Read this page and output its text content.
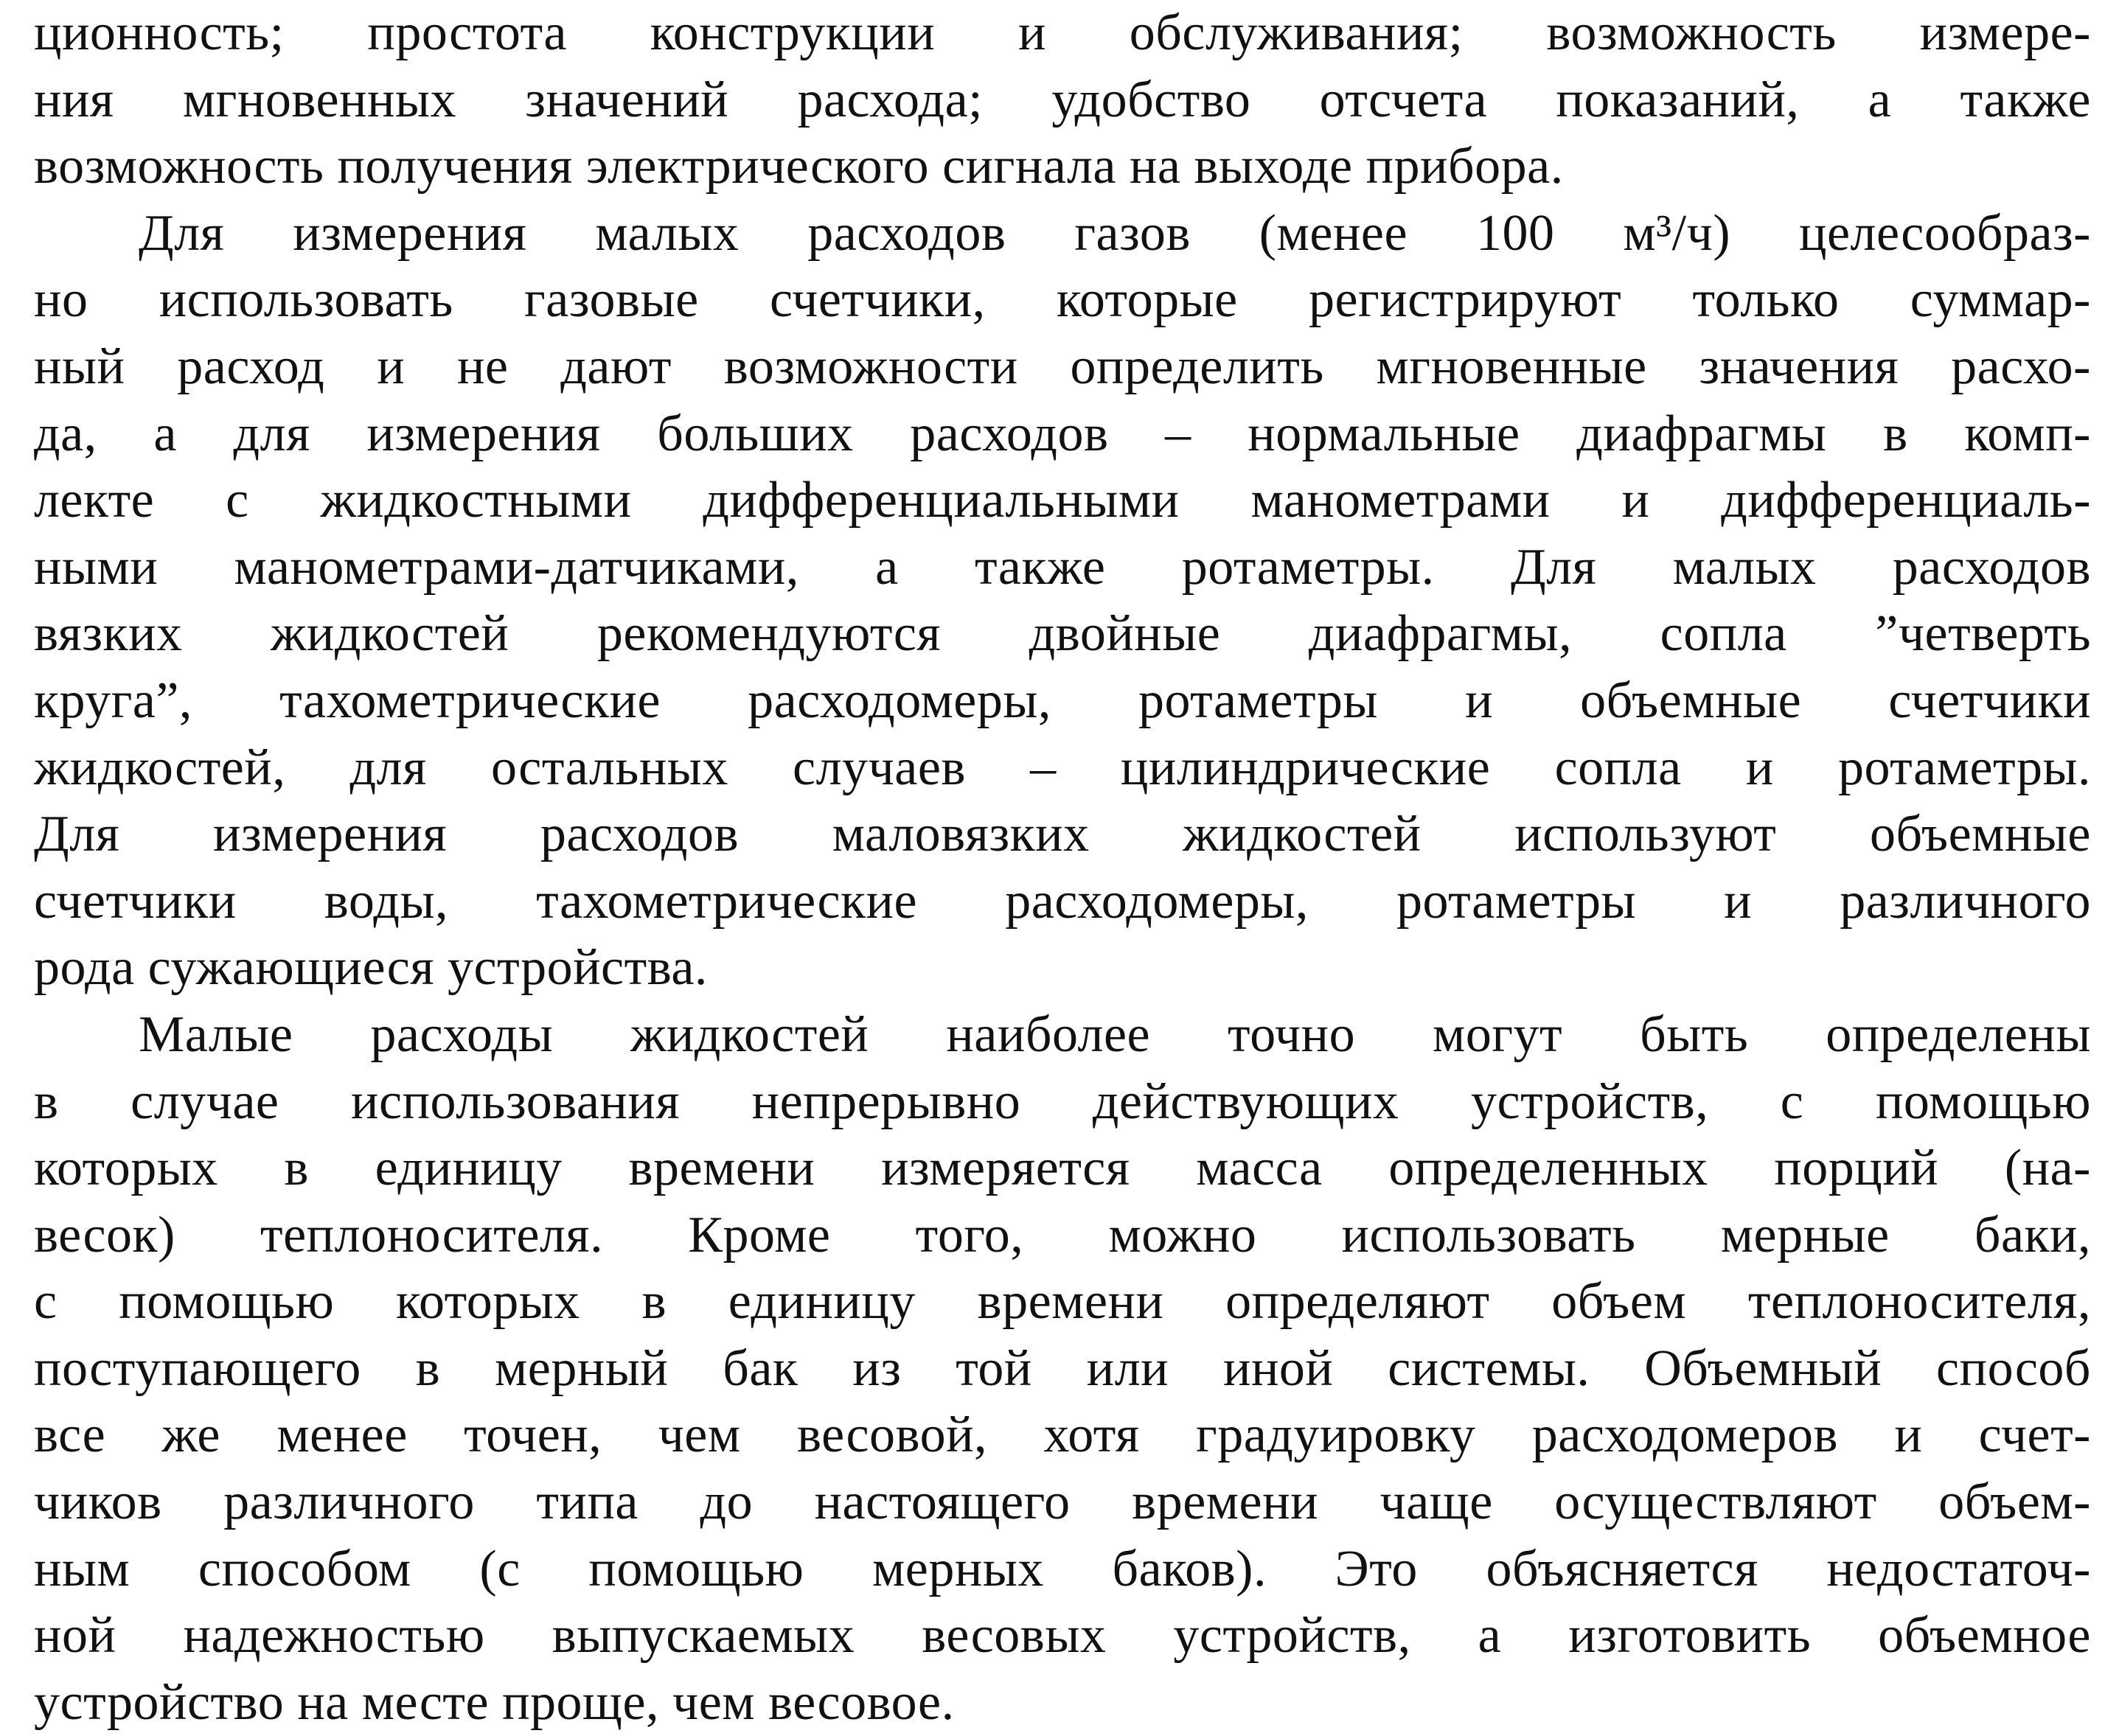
ционность; простота конструкции и обслуживания; возможность измере-
ния мгновенных значений расхода; удобство отсчета показаний, а также
возможность получения электрического сигнала на выходе прибора.
Для измерения малых расходов газов (менее 100 м³/ч) целесообраз-
но использовать газовые счетчики, которые регистрируют только суммар-
ный расход и не дают возможности определить мгновенные значения расхо-
да, а для измерения больших расходов – нормальные диафрагмы в комп-
лекте с жидкостными дифференциальными манометрами и дифференциаль-
ными манометрами-датчиками, а также ротаметры. Для малых расходов
вязких жидкостей рекомендуются двойные диафрагмы, сопла ”четверть
круга”, тахометрические расходомеры, ротаметры и объемные счетчики
жидкостей, для остальных случаев – цилиндрические сопла и ротаметры.
Для измерения расходов маловязких жидкостей используют объемные
счетчики воды, тахометрические расходомеры, ротаметры и различного
рода сужающиеся устройства.
Малые расходы жидкостей наиболее точно могут быть определены
в случае использования непрерывно действующих устройств, с помощью
которых в единицу времени измеряется масса определенных порций (на-
весок) теплоносителя. Кроме того, можно использовать мерные баки,
с помощью которых в единицу времени определяют объем теплоносителя,
поступающего в мерный бак из той или иной системы. Объемный способ
все же менее точен, чем весовой, хотя градуировку расходомеров и счет-
чиков различного типа до настоящего времени чаще осуществляют объем-
ным способом (с помощью мерных баков). Это объясняется недостаточ-
ной надежностью выпускаемых весовых устройств, а изготовить объемное
устройство на месте проще, чем весовое.
